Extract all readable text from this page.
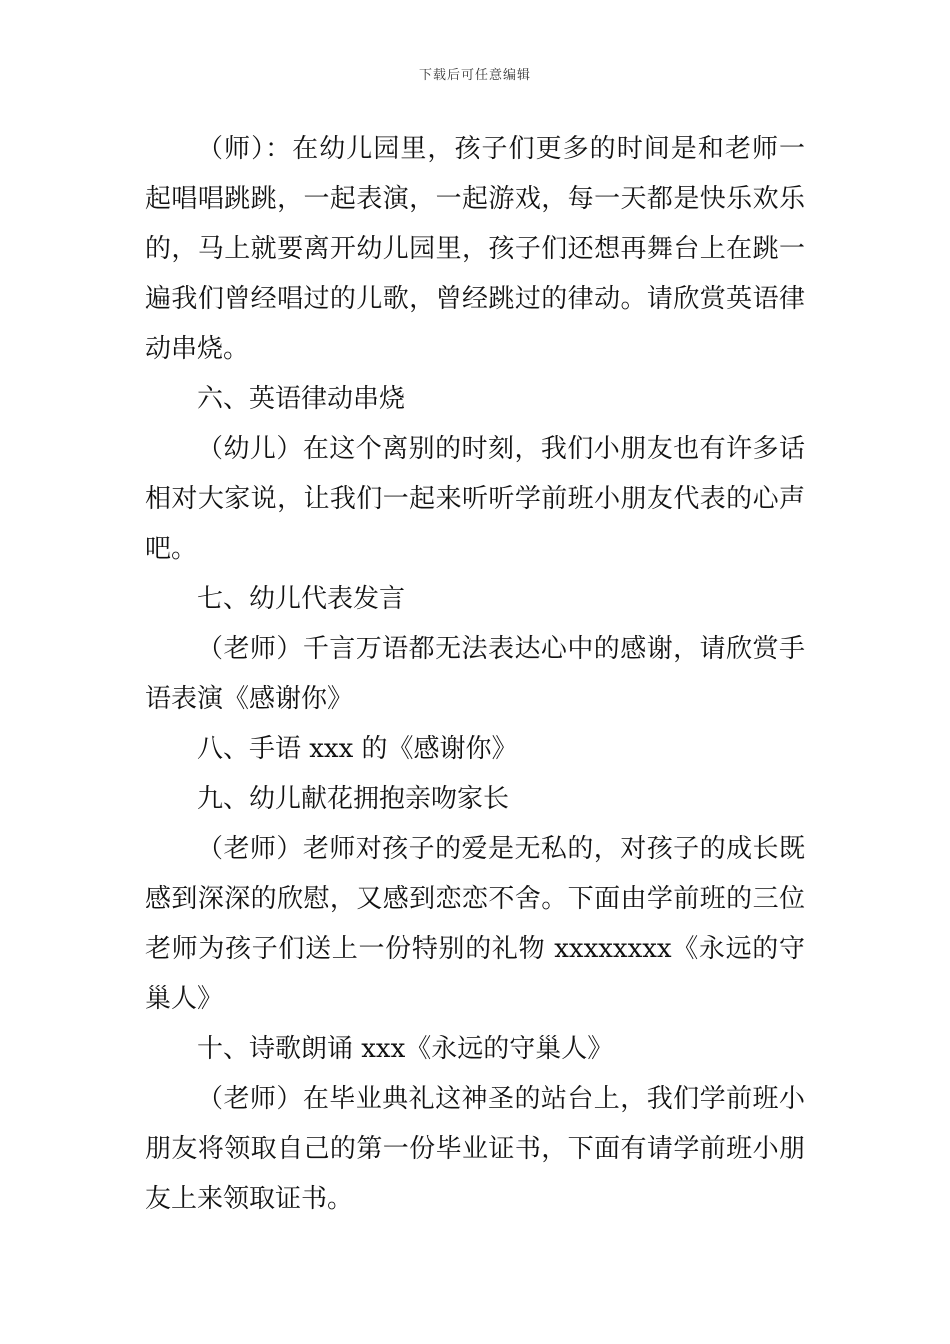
下载后可任意编辑

（师）：在幼儿园里，孩子们更多的时间是和老师一起唱唱跳跳，一起表演，一起游戏，每一天都是快乐欢乐的，马上就要离开幼儿园里，孩子们还想再舞台上在跳一遍我们曾经唱过的儿歌，曾经跳过的律动。请欣赏英语律动串烧。

六、英语律动串烧

（幼儿）在这个离别的时刻，我们小朋友也有许多话相对大家说，让我们一起来听听学前班小朋友代表的心声吧。

七、幼儿代表发言

（老师）千言万语都无法表达心中的感谢，请欣赏手语表演《感谢你》

八、手语 xxx 的《感谢你》

九、幼儿献花拥抱亲吻家长

（老师）老师对孩子的爱是无私的，对孩子的成长既感到深深的欣慰，又感到恋恋不舍。下面由学前班的三位老师为孩子们送上一份特别的礼物 xxxxxxxx《永远的守巢人》

十、诗歌朗诵 xxx《永远的守巢人》

（老师）在毕业典礼这神圣的站台上，我们学前班小朋友将领取自己的第一份毕业证书，下面有请学前班小朋友上来领取证书。
